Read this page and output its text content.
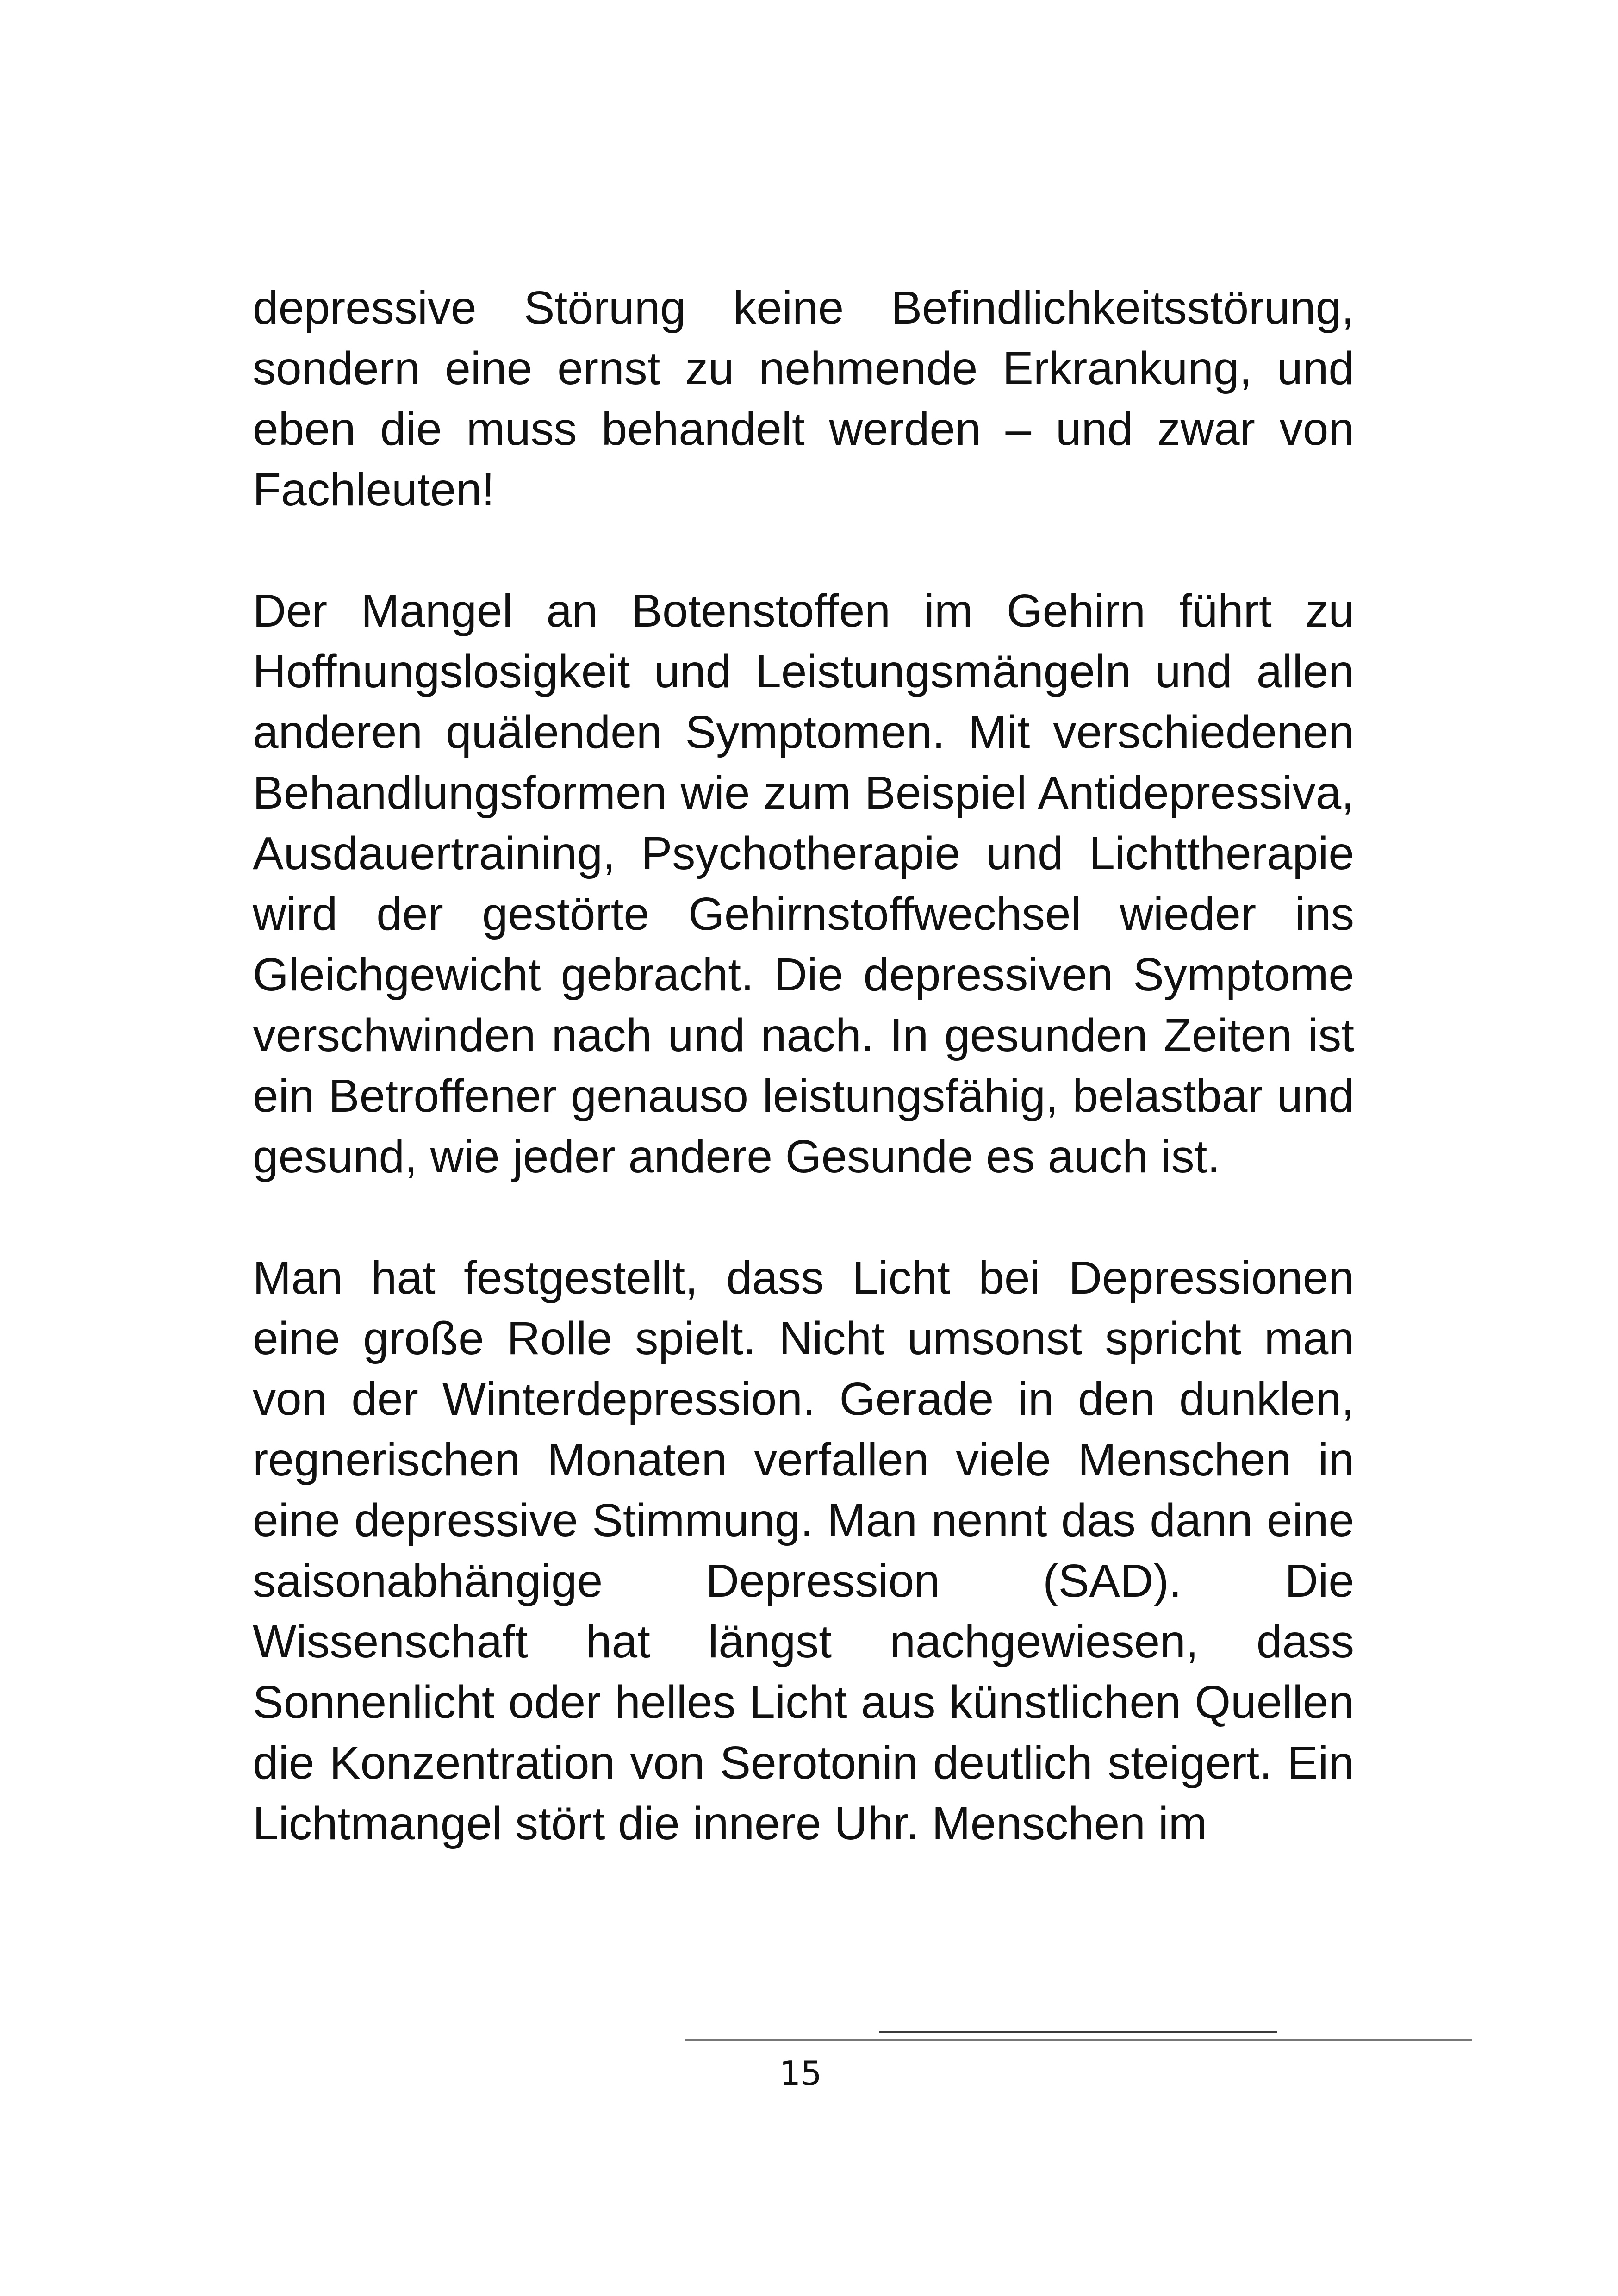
depressive Störung keine Befindlichkeitsstörung, sondern eine ernst zu nehmende Erkrankung, und eben die muss behandelt werden – und zwar von Fachleuten!

Der Mangel an Botenstoffen im Gehirn führt zu Hoffnungslosigkeit und Leistungsmängeln und allen anderen quälenden Symptomen. Mit verschiedenen Behandlungsformen wie zum Beispiel Antidepressiva, Ausdauertraining, Psychotherapie und Lichttherapie wird der gestörte Gehirnstoffwechsel wieder ins Gleichgewicht gebracht. Die depressiven Symptome verschwinden nach und nach. In gesunden Zeiten ist ein Betroffener genauso leistungsfähig, belastbar und gesund, wie jeder andere Gesunde es auch ist.

Man hat festgestellt, dass Licht bei Depressionen eine große Rolle spielt. Nicht umsonst spricht man von der Winterdepression. Gerade in den dunklen, regnerischen Monaten verfallen viele Menschen in eine depressive Stimmung. Man nennt das dann eine saisonabhängige Depression (SAD). Die Wissenschaft hat längst nachgewiesen, dass Sonnenlicht oder helles Licht aus künstlichen Quellen die Konzentration von Serotonin deutlich steigert. Ein Lichtmangel stört die innere Uhr. Menschen im

15
